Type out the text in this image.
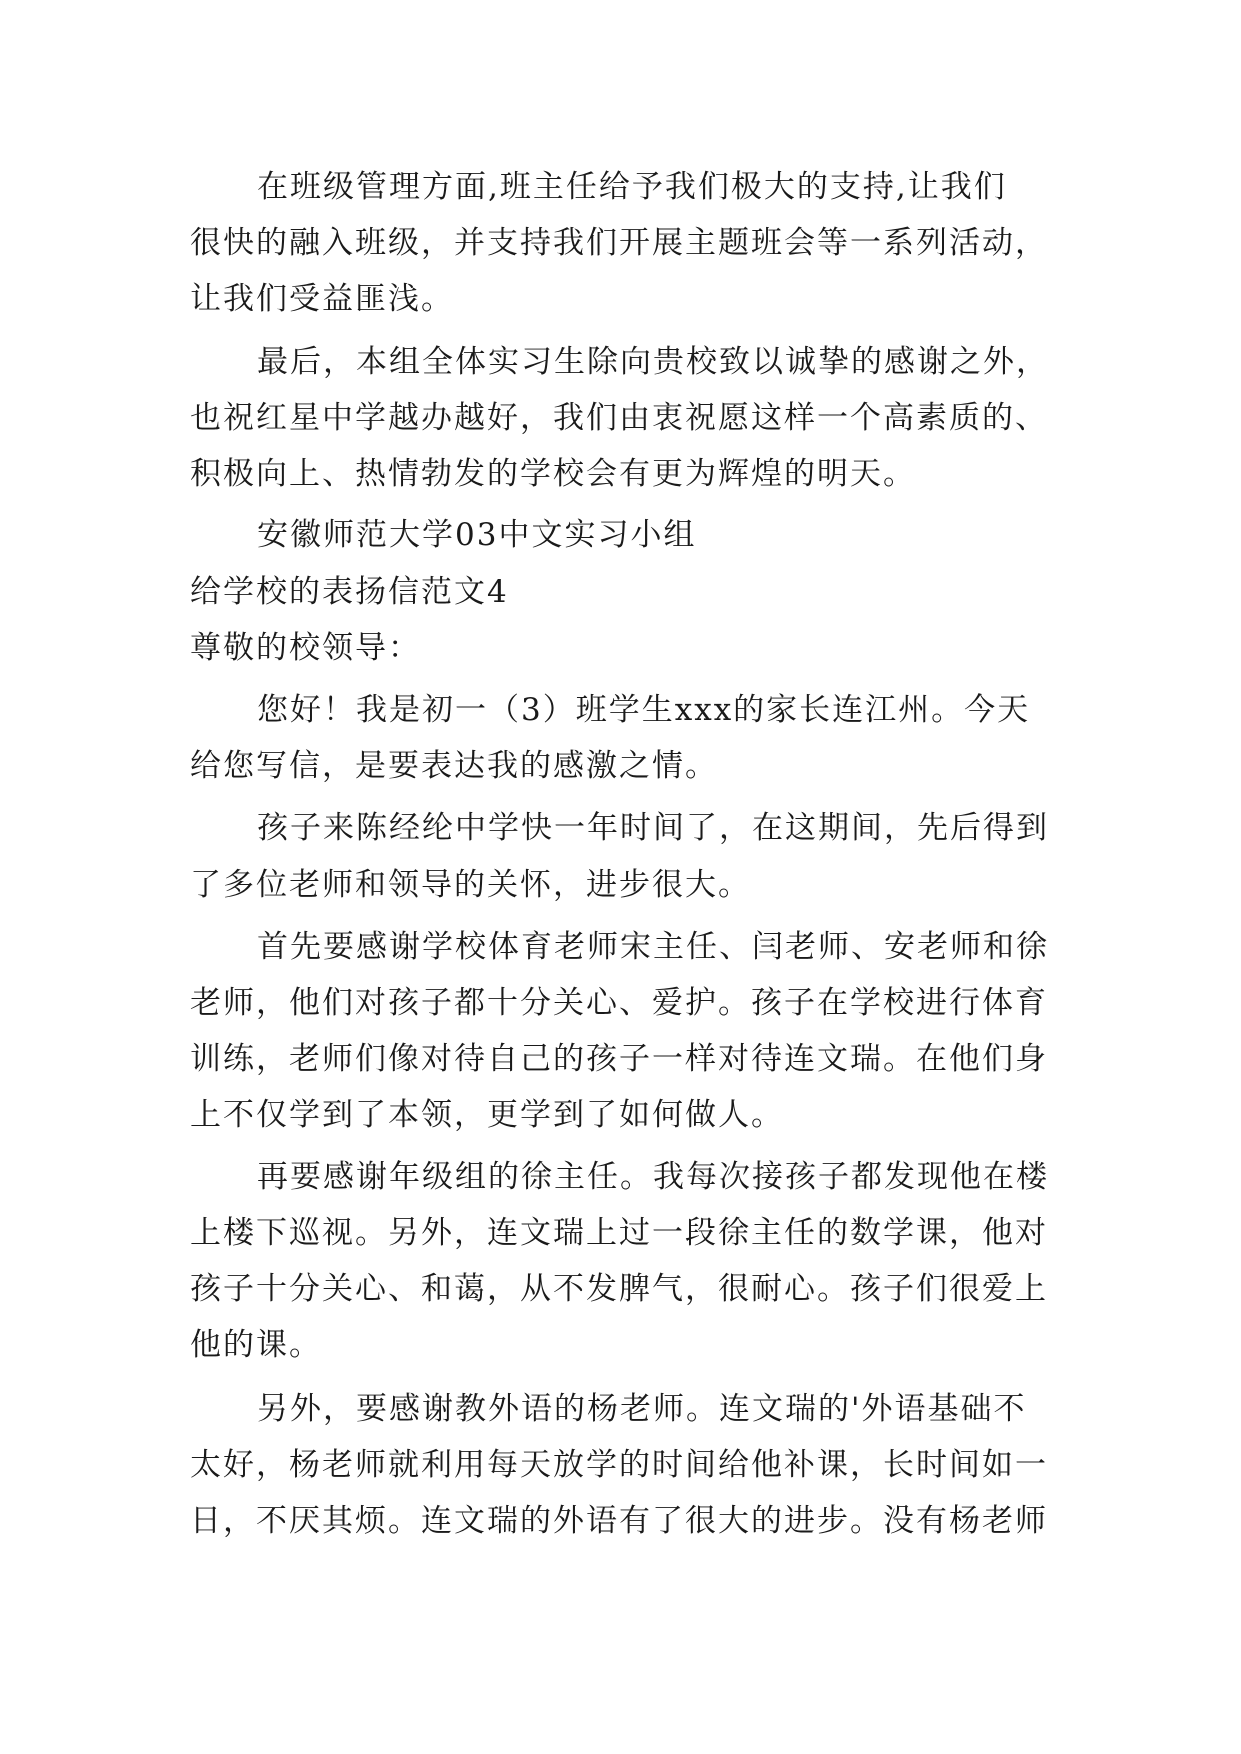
在班级管理方面,班主任给予我们极大的支持,让我们
很快的融入班级，并支持我们开展主题班会等一系列活动，
让我们受益匪浅。
最后，本组全体实习生除向贵校致以诚挚的感谢之外，
也祝红星中学越办越好，我们由衷祝愿这样一个高素质的、
积极向上、热情勃发的学校会有更为辉煌的明天。
安徽师范大学03中文实习小组
给学校的表扬信范文4
尊敬的校领导：
您好！我是初一（3）班学生xxx的家长连江州。今天
给您写信，是要表达我的感激之情。
孩子来陈经纶中学快一年时间了，在这期间，先后得到
了多位老师和领导的关怀，进步很大。
首先要感谢学校体育老师宋主任、闫老师、安老师和徐
老师，他们对孩子都十分关心、爱护。孩子在学校进行体育
训练，老师们像对待自己的孩子一样对待连文瑞。在他们身
上不仅学到了本领，更学到了如何做人。
再要感谢年级组的徐主任。我每次接孩子都发现他在楼
上楼下巡视。另外，连文瑞上过一段徐主任的数学课，他对
孩子十分关心、和蔼，从不发脾气，很耐心。孩子们很爱上
他的课。
另外，要感谢教外语的杨老师。连文瑞的'外语基础不
太好，杨老师就利用每天放学的时间给他补课，长时间如一
日，不厌其烦。连文瑞的外语有了很大的进步。没有杨老师
